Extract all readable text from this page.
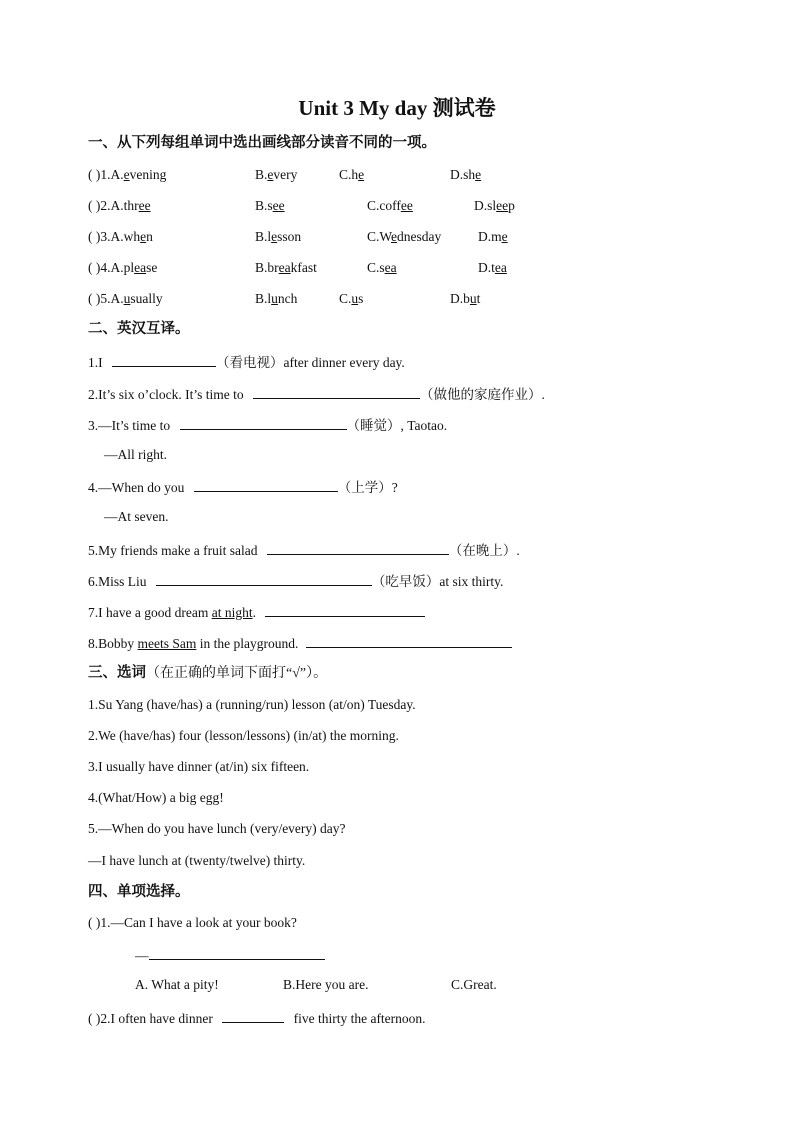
Unit 3 My day 测试卷
一、从下列每组单词中选出画线部分读音不同的一项。
( )1.A.evening	B.every	C.he	D.she
( )2.A.three	B.see	C.coffee	D.sleep
( )3.A.when	B.lesson	C.Wednesday	D.me
( )4.A.please	B.breakfast	C.sea	D.tea
( )5.A.usually	B.lunch	C.us	D.but
二、英汉互译。
1.I	（看电视）after dinner every day.
2.It’s six o’clock. It’s time to	（做他的家庭作业）.
3.—It’s time to	（睡觉）, Taotao.
—All right.
4.—When do you	（上学）?
—At seven.
5.My friends make a fruit salad	（在晚上）.
6.Miss Liu	（吃早饭）at six thirty.
7.I have a good dream at night.
8.Bobby meets Sam in the playground.
三、选词（在正确的单词下面打“√”）。
1.Su Yang (have/has) a (running/run) lesson (at/on) Tuesday.
2.We (have/has) four (lesson/lessons) (in/at) the morning.
3.I usually have dinner (at/in) six fifteen.
4.(What/How) a big egg!
5.—When do you have lunch (very/every) day?
—I have lunch at (twenty/twelve) thirty.
四、单项选择。
( )1.—Can I have a look at your book?
—
A. What a pity!	B.Here you are.	C.Great.
( )2.I often have dinner	five thirty the afternoon.
